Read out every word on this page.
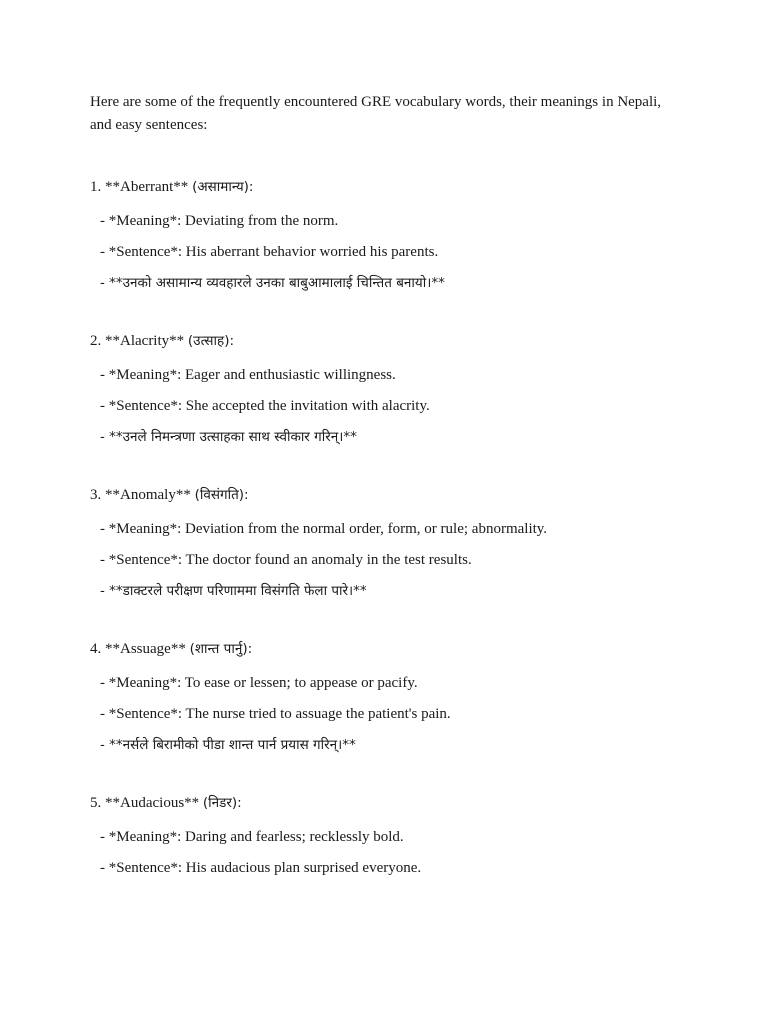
Here are some of the frequently encountered GRE vocabulary words, their meanings in Nepali, and easy sentences:

1. **Aberrant** (असामान्य):

- *Meaning*: Deviating from the norm.

- *Sentence*: His aberrant behavior worried his parents.

- **उनको असामान्य व्यवहारले उनका बाबुआमालाई चिन्तित बनायो।**

2. **Alacrity** (उत्साह):

- *Meaning*: Eager and enthusiastic willingness.

- *Sentence*: She accepted the invitation with alacrity.

- **उनले निमन्त्रणा उत्साहका साथ स्वीकार गरिन्।**

3. **Anomaly** (विसंगति):

- *Meaning*: Deviation from the normal order, form, or rule; abnormality.

- *Sentence*: The doctor found an anomaly in the test results.

- **डाक्टरले परीक्षण परिणाममा विसंगति फेला पारे।**

4. **Assuage** (शान्त पार्नु):

- *Meaning*: To ease or lessen; to appease or pacify.

- *Sentence*: The nurse tried to assuage the patient's pain.

- **नर्सले बिरामीको पीडा शान्त पार्न प्रयास गरिन्।**

5. **Audacious** (निडर):

- *Meaning*: Daring and fearless; recklessly bold.

- *Sentence*: His audacious plan surprised everyone.
